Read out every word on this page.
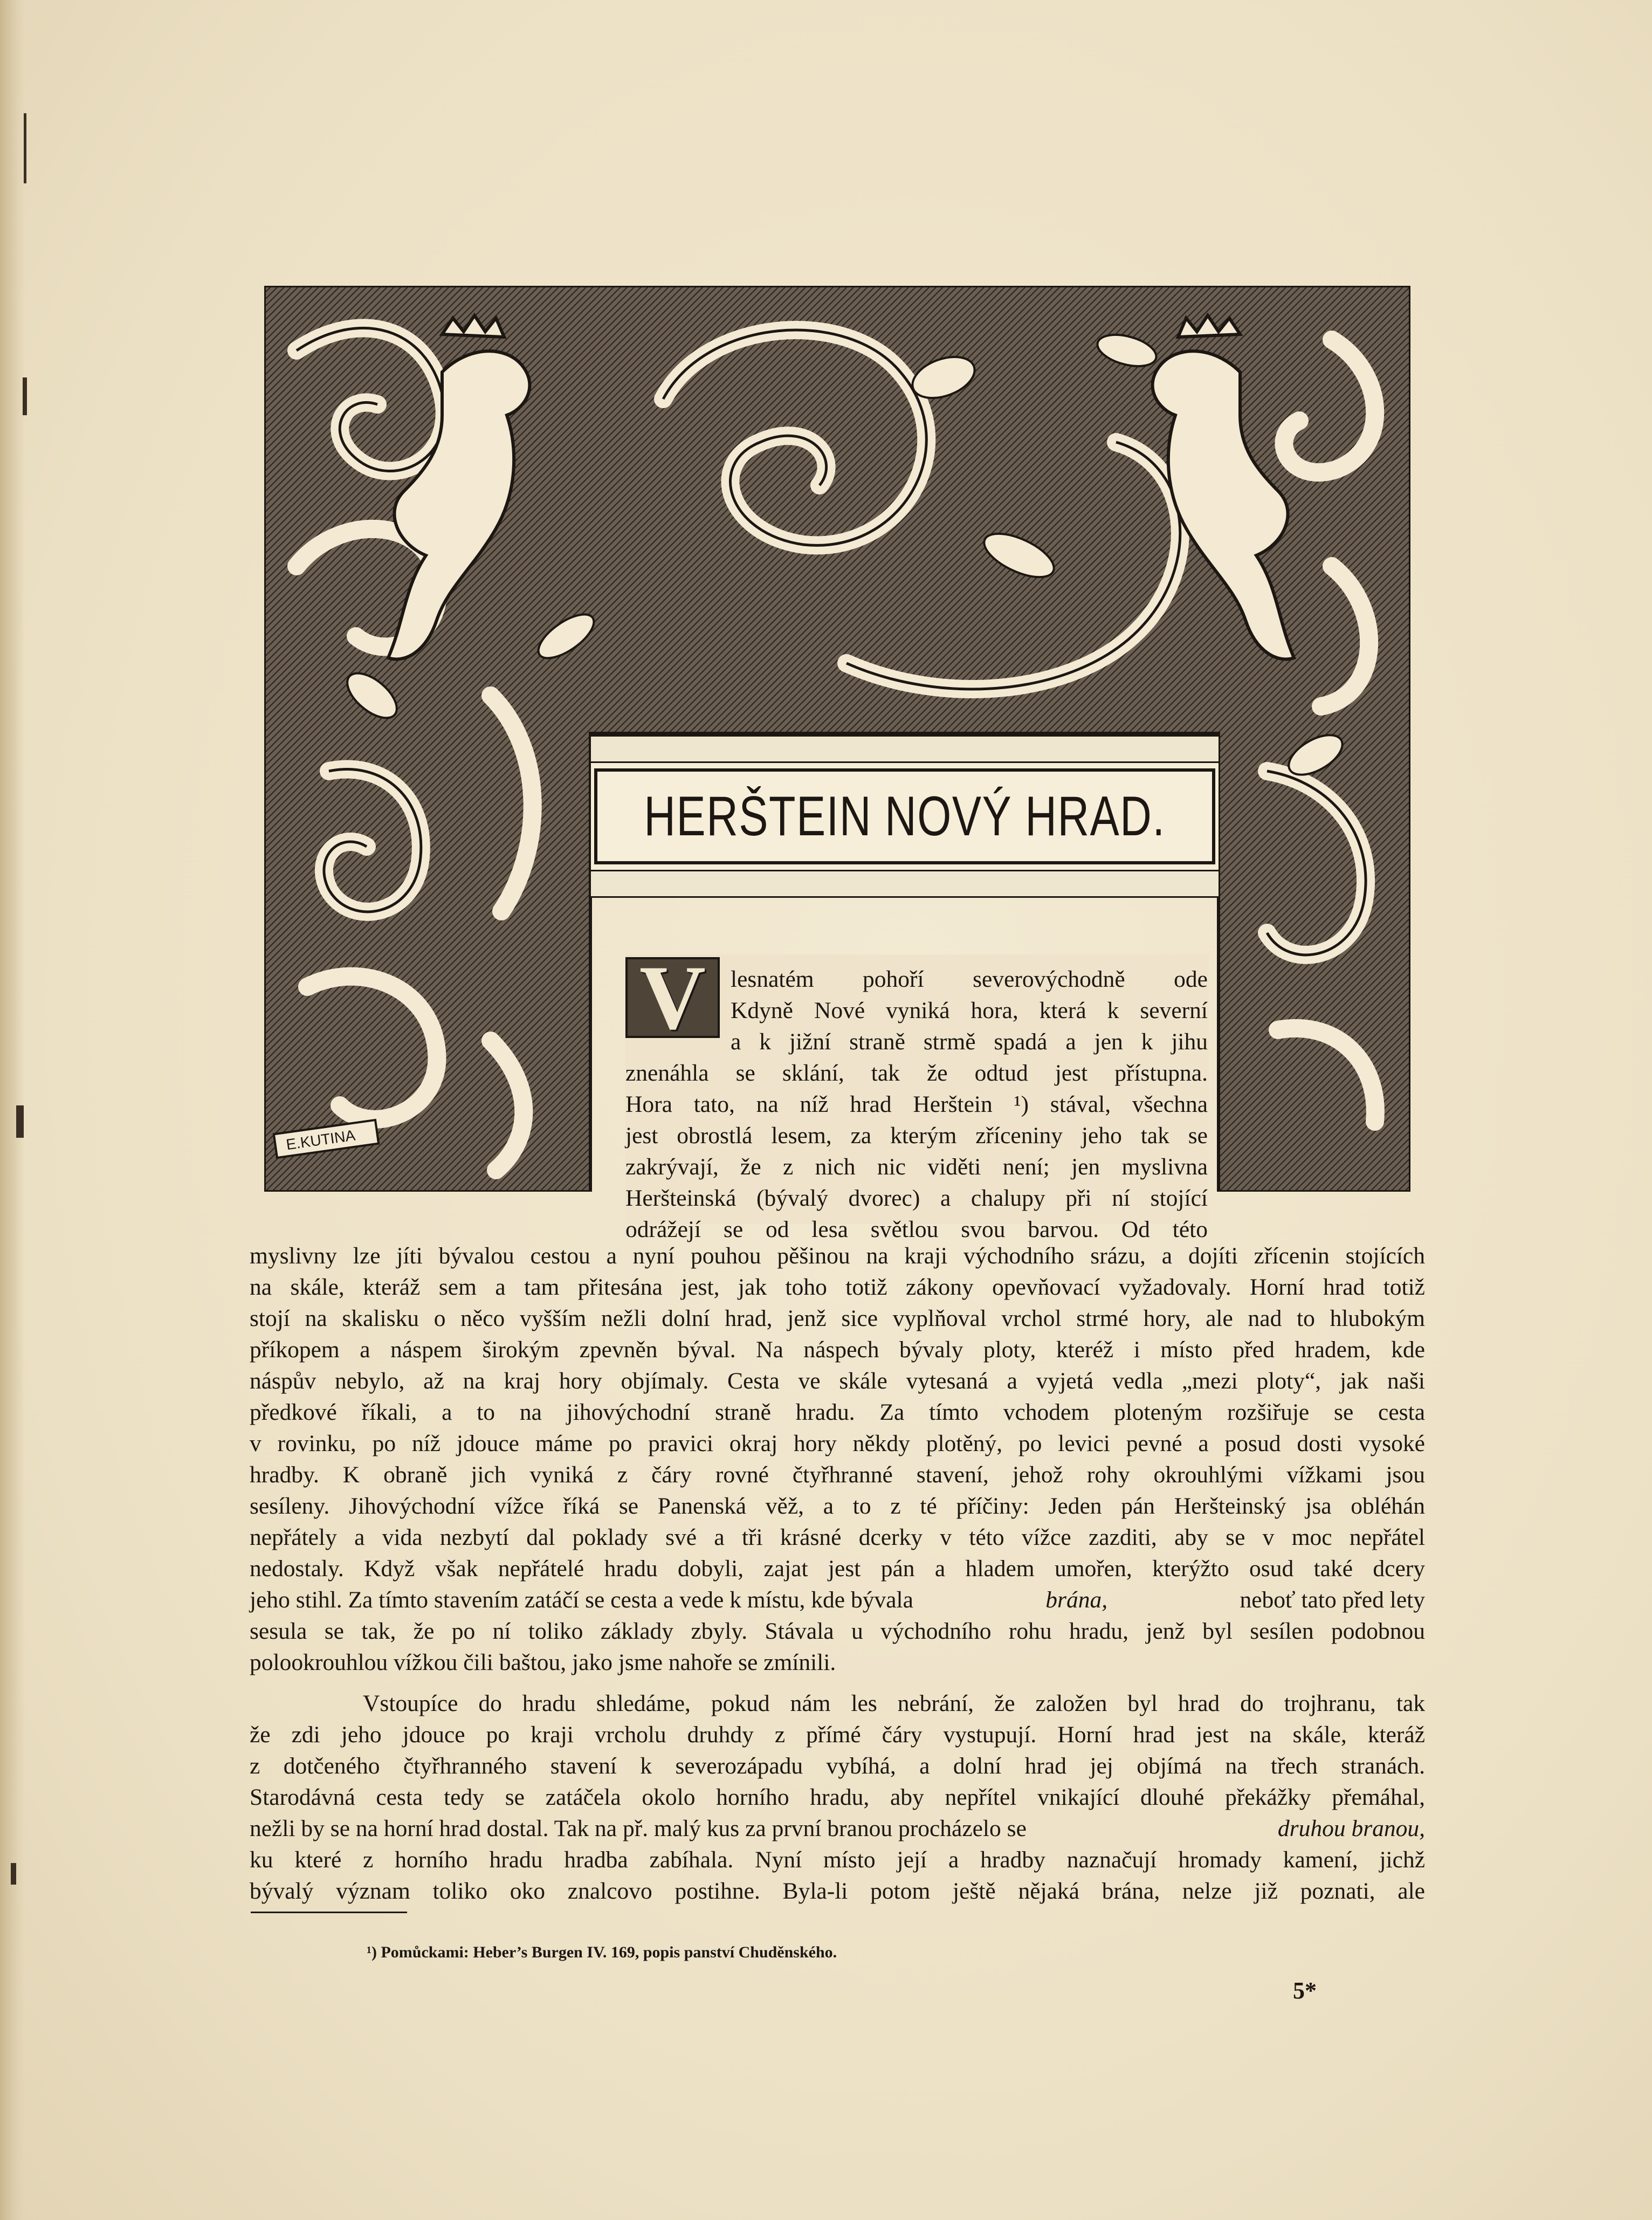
E.KUTINA
HERŠTEIN NOVÝ HRAD.
V lesnatém pohoří severovýchodně ode

Kdyně Nové vyniká hora, která k severní

a k jižní straně strmě spadá a jen k jihu

znenáhla se sklání, tak že odtud jest přístupna.

Hora tato, na níž hrad Herštein ¹) stával, všechna

jest obrostlá lesem, za kterým zříceniny jeho tak se

zakrývají, že z nich nic viděti není; jen myslivna

Heršteinská (bývalý dvorec) a chalupy při ní stojící

odrážejí se od lesa světlou svou barvou. Od této

myslivny lze jíti bývalou cestou a nyní pouhou pěšinou na kraji východního srázu, a dojíti zřícenin stojících

na skále, kteráž sem a tam přitesána jest, jak toho totiž zákony opevňovací vyžadovaly. Horní hrad totiž

stojí na skalisku o něco vyšším nežli dolní hrad, jenž sice vyplňoval vrchol strmé hory, ale nad to hlubokým

příkopem a náspem širokým zpevněn býval. Na náspech bývaly ploty, kteréž i místo před hradem, kde

náspův nebylo, až na kraj hory objímaly. Cesta ve skále vytesaná a vyjetá vedla „mezi ploty“, jak naši

předkové říkali, a to na jihovýchodní straně hradu. Za tímto vchodem ploteným rozšiřuje se cesta

v rovinku, po níž jdouce máme po pravici okraj hory někdy plotěný, po levici pevné a posud dosti vysoké

hradby. K obraně jich vyniká z čáry rovné čtyřhranné stavení, jehož rohy okrouhlými vížkami jsou

sesíleny. Jihovýchodní vížce říká se Panenská věž, a to z té příčiny: Jeden pán Heršteinský jsa obléhán

nepřátely a vida nezbytí dal poklady své a tři krásné dcerky v této vížce zazditi, aby se v moc nepřátel

nedostaly. Když však nepřátelé hradu dobyli, zajat jest pán a hladem umořen, kterýžto osud také dcery

jeho stihl. Za tímto stavením zatáčí se cesta a vede k místu, kde bývala	brána,	neboť tato před lety

sesula se tak, že po ní toliko základy zbyly. Stávala u východního rohu hradu, jenž byl sesílen podobnou

polookrouhlou vížkou čili baštou, jako jsme nahoře se zmínili.

Vstoupíce do hradu shledáme, pokud nám les nebrání, že založen byl hrad do trojhranu, tak

že zdi jeho jdouce po kraji vrcholu druhdy z přímé čáry vystupují. Horní hrad jest na skále, kteráž

z dotčeného čtyřhranného stavení k severozápadu vybíhá, a dolní hrad jej objímá na třech stranách.

Starodávná cesta tedy se zatáčela okolo horního hradu, aby nepřítel vnikající dlouhé překážky přemáhal,

nežli by se na horní hrad dostal. Tak na př. malý kus za první branou procházelo se	druhou branou,

ku které z horního hradu hradba zabíhala. Nyní místo její a hradby naznačují hromady kamení, jichž

bývalý význam toliko oko znalcovo postihne. Byla-li potom ještě nějaká brána, nelze již poznati, ale

¹) Pomůckami: Heber’s Burgen IV. 169, popis panství Chuděnského.

5*
